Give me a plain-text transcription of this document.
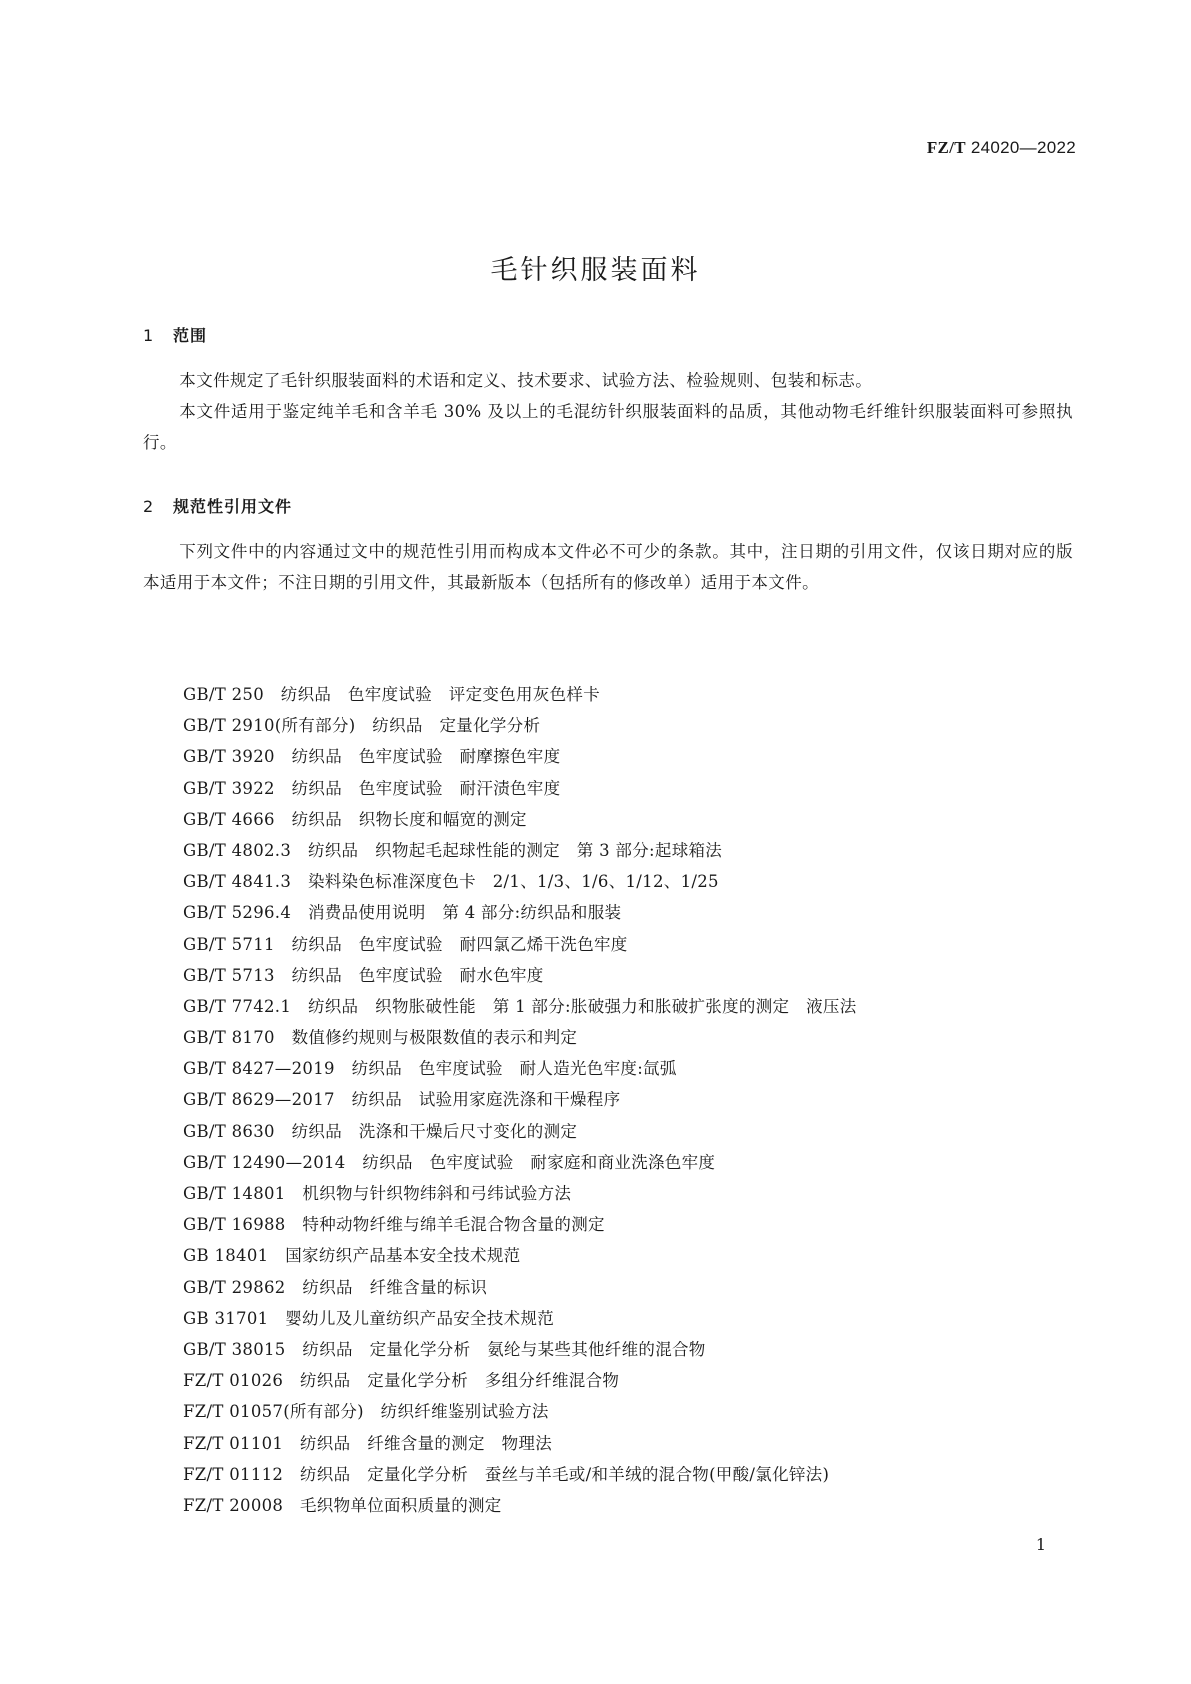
FZ/T 24020—2022
毛针织服装面料
1 范围

本文件规定了毛针织服装面料的术语和定义、技术要求、试验方法、检验规则、包装和标志。

本文件适用于鉴定纯羊毛和含羊毛 30% 及以上的毛混纺针织服装面料的品质，其他动物毛纤维针织服装面料可参照执行。

2 规范性引用文件

下列文件中的内容通过文中的规范性引用而构成本文件必不可少的条款。其中，注日期的引用文件，仅该日期对应的版本适用于本文件；不注日期的引用文件，其最新版本（包括所有的修改单）适用于本文件。

GB/T 250　纺织品　色牢度试验　评定变色用灰色样卡
GB/T 2910(所有部分)　纺织品　定量化学分析
GB/T 3920　纺织品　色牢度试验　耐摩擦色牢度
GB/T 3922　纺织品　色牢度试验　耐汗渍色牢度
GB/T 4666　纺织品　织物长度和幅宽的测定
GB/T 4802.3　纺织品　织物起毛起球性能的测定　第 3 部分:起球箱法
GB/T 4841.3　染料染色标准深度色卡　2/1、1/3、1/6、1/12、1/25
GB/T 5296.4　消费品使用说明　第 4 部分:纺织品和服装
GB/T 5711　纺织品　色牢度试验　耐四氯乙烯干洗色牢度
GB/T 5713　纺织品　色牢度试验　耐水色牢度
GB/T 7742.1　纺织品　织物胀破性能　第 1 部分:胀破强力和胀破扩张度的测定　液压法
GB/T 8170　数值修约规则与极限数值的表示和判定
GB/T 8427—2019　纺织品　色牢度试验　耐人造光色牢度:氙弧
GB/T 8629—2017　纺织品　试验用家庭洗涤和干燥程序
GB/T 8630　纺织品　洗涤和干燥后尺寸变化的测定
GB/T 12490—2014　纺织品　色牢度试验　耐家庭和商业洗涤色牢度
GB/T 14801　机织物与针织物纬斜和弓纬试验方法
GB/T 16988　特种动物纤维与绵羊毛混合物含量的测定
GB 18401　国家纺织产品基本安全技术规范
GB/T 29862　纺织品　纤维含量的标识
GB 31701　婴幼儿及儿童纺织产品安全技术规范
GB/T 38015　纺织品　定量化学分析　氨纶与某些其他纤维的混合物
FZ/T 01026　纺织品　定量化学分析　多组分纤维混合物
FZ/T 01057(所有部分)　纺织纤维鉴别试验方法
FZ/T 01101　纺织品　纤维含量的测定　物理法
FZ/T 01112　纺织品　定量化学分析　蚕丝与羊毛或/和羊绒的混合物(甲酸/氯化锌法)
FZ/T 20008　毛织物单位面积质量的测定
1
